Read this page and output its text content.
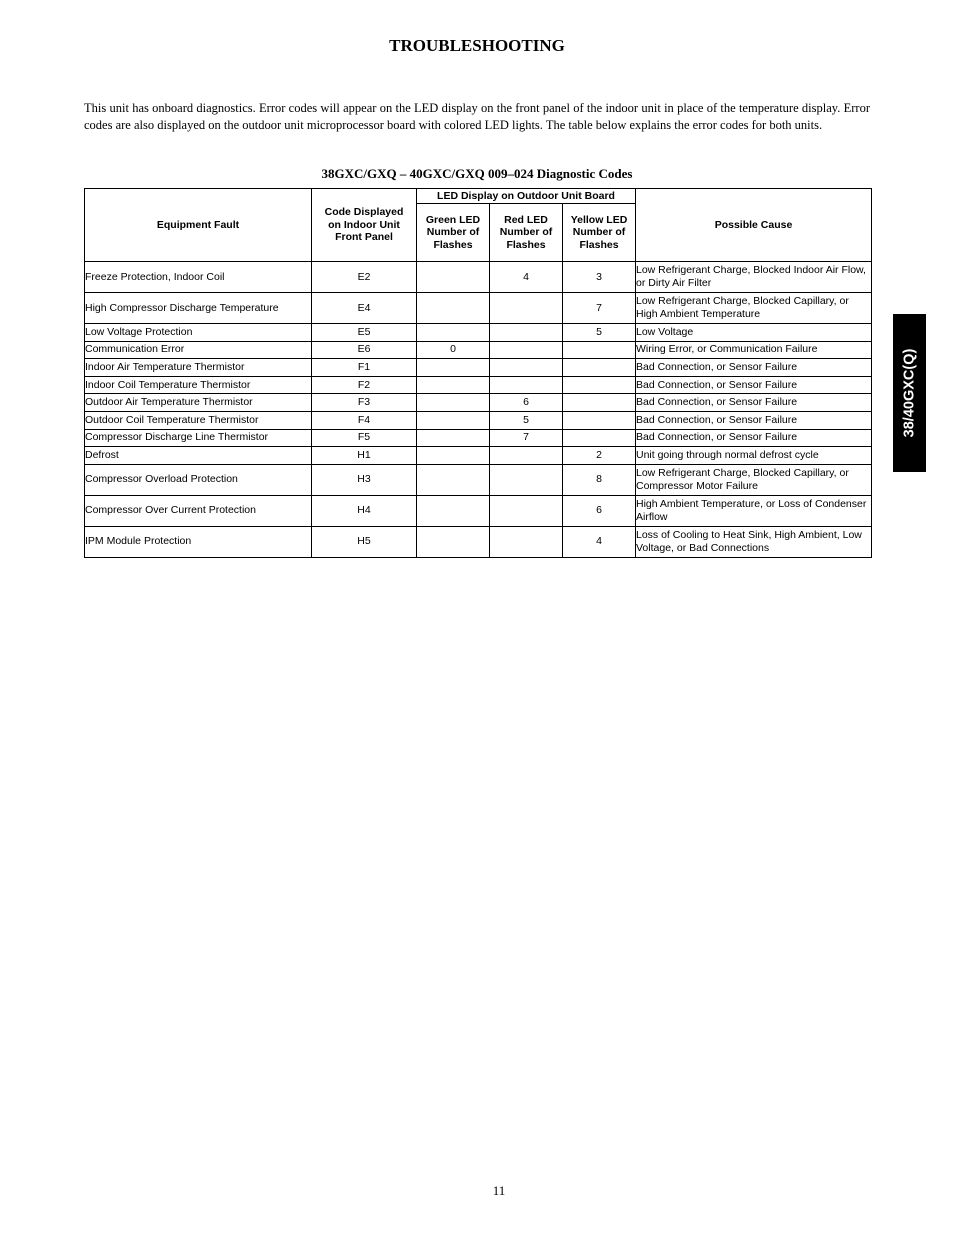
TROUBLESHOOTING

This unit has onboard diagnostics. Error codes will appear on the LED display on the front panel of the indoor unit in place of the temperature display. Error codes are also displayed on the outdoor unit microprocessor board with colored LED lights. The table below explains the error codes for both units.

38GXC/GXQ – 40GXC/GXQ 009–024 Diagnostic Codes
Equipment Fault	Code Displayed on Indoor Unit Front Panel	LED Display on Outdoor Unit Board			Possible Cause
		Green LED Number of Flashes	Red LED Number of Flashes	Yellow LED Number of Flashes	
Freeze Protection, Indoor Coil	E2		4	3	Low Refrigerant Charge, Blocked Indoor Air Flow, or Dirty Air Filter
High Compressor Discharge Temperature	E4			7	Low Refrigerant Charge, Blocked Capillary, or High Ambient Temperature
Low Voltage Protection	E5			5	Low Voltage
Communication Error	E6	0			Wiring Error, or Communication Failure
Indoor Air Temperature Thermistor	F1				Bad Connection, or Sensor Failure
Indoor Coil Temperature Thermistor	F2				Bad Connection, or Sensor Failure
Outdoor Air Temperature Thermistor	F3		6		Bad Connection, or Sensor Failure
Outdoor Coil Temperature Thermistor	F4		5		Bad Connection, or Sensor Failure
Compressor Discharge Line Thermistor	F5		7		Bad Connection, or Sensor Failure
Defrost	H1			2	Unit going through normal defrost cycle
Compressor Overload Protection	H3			8	Low Refrigerant Charge, Blocked Capillary, or Compressor Motor Failure
Compressor Over Current Protection	H4			6	High Ambient Temperature, or Loss of Condenser Airflow
IPM Module Protection	H5			4	Loss of Cooling to Heat Sink, High Ambient, Low Voltage, or Bad Connections
38/40GXC(Q)
11
